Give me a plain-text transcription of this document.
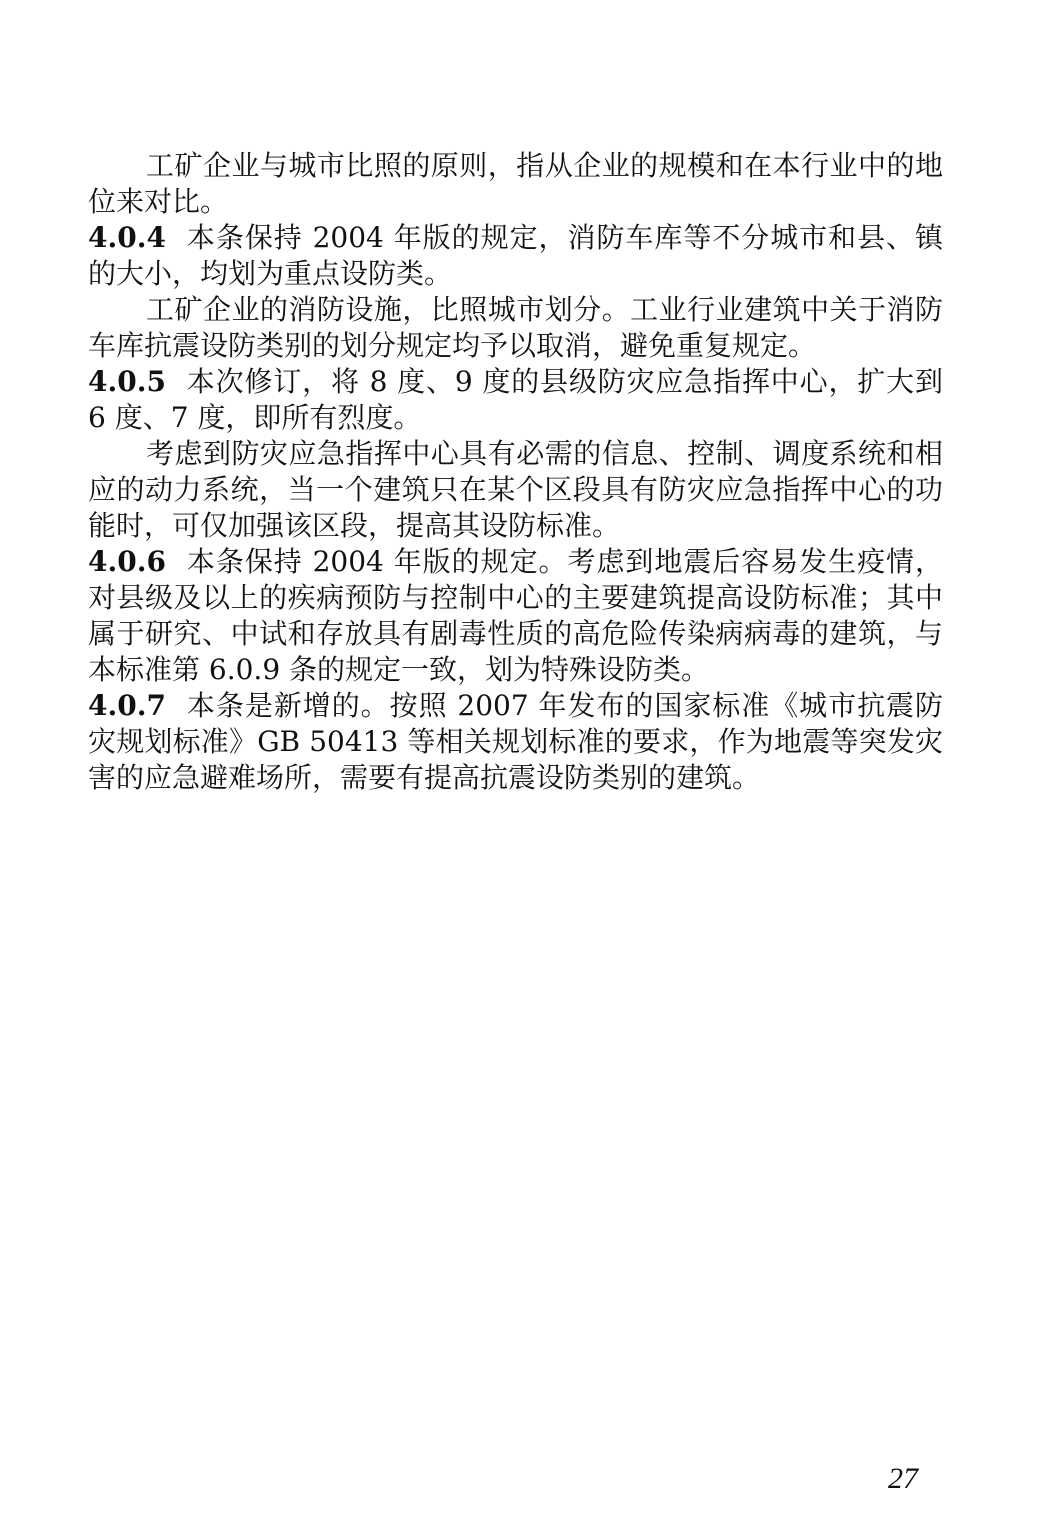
工矿企业与城市比照的原则，指从企业的规模和在本行业中的地位来对比。

4.0.4 本条保持 2004 年版的规定，消防车库等不分城市和县、镇的大小，均划为重点设防类。

工矿企业的消防设施，比照城市划分。工业行业建筑中关于消防车库抗震设防类别的划分规定均予以取消，避免重复规定。

4.0.5 本次修订，将 8 度、9 度的县级防灾应急指挥中心，扩大到 6 度、7 度，即所有烈度。

考虑到防灾应急指挥中心具有必需的信息、控制、调度系统和相应的动力系统，当一个建筑只在某个区段具有防灾应急指挥中心的功能时，可仅加强该区段，提高其设防标准。

4.0.6 本条保持 2004 年版的规定。考虑到地震后容易发生疫情，对县级及以上的疾病预防与控制中心的主要建筑提高设防标准；其中属于研究、中试和存放具有剧毒性质的高危险传染病病毒的建筑，与本标准第 6.0.9 条的规定一致，划为特殊设防类。

4.0.7 本条是新增的。按照 2007 年发布的国家标准《城市抗震防灾规划标准》GB 50413 等相关规划标准的要求，作为地震等突发灾害的应急避难场所，需要有提高抗震设防类别的建筑。

27
